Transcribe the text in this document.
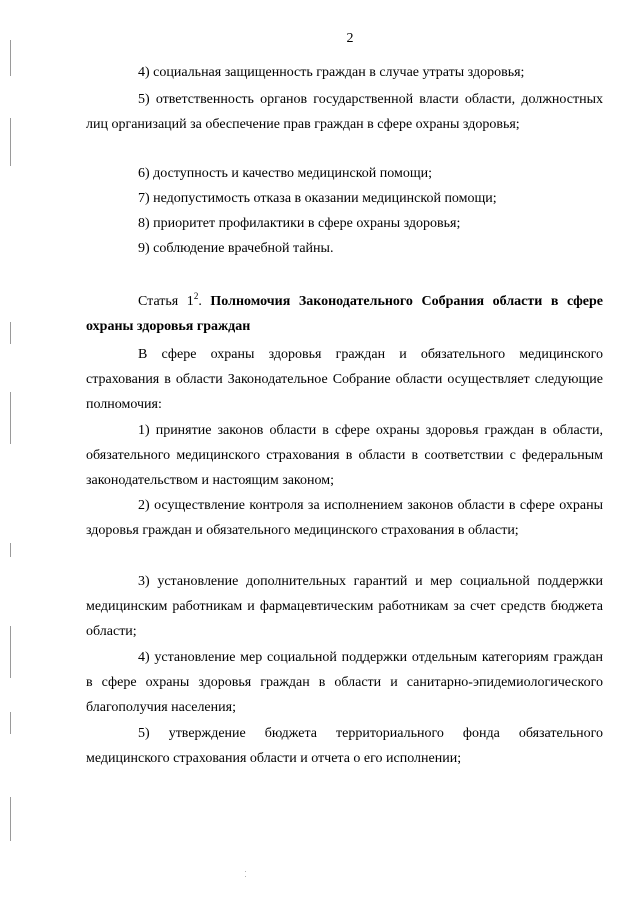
2
4) социальная защищенность граждан в случае утраты здоровья;
5) ответственность органов государственной власти области, должностных лиц организаций за обеспечение прав граждан в сфере охраны здоровья;
6) доступность и качество медицинской помощи;
7) недопустимость отказа в оказании медицинской помощи;
8) приоритет профилактики в сфере охраны здоровья;
9) соблюдение врачебной тайны.
Статья $1^2$. Полномочия Законодательного Собрания области в сфере охраны здоровья граждан
В сфере охраны здоровья граждан и обязательного медицинского страхования в области Законодательное Собрание области осуществляет следующие полномочия:
1) принятие законов области в сфере охраны здоровья граждан в области, обязательного медицинского страхования в области в соответствии с федеральным законодательством и настоящим законом;
2) осуществление контроля за исполнением законов области в сфере охраны здоровья граждан и обязательного медицинского страхования в области;
3) установление дополнительных гарантий и мер социальной поддержки медицинским работникам и фармацевтическим работникам за счет средств бюджета области;
4) установление мер социальной поддержки отдельным категориям граждан в сфере охраны здоровья граждан в области и санитарно-эпидемиологического благополучия населения;
5) утверждение бюджета территориального фонда обязательного медицинского страхования области и отчета о его исполнении;
